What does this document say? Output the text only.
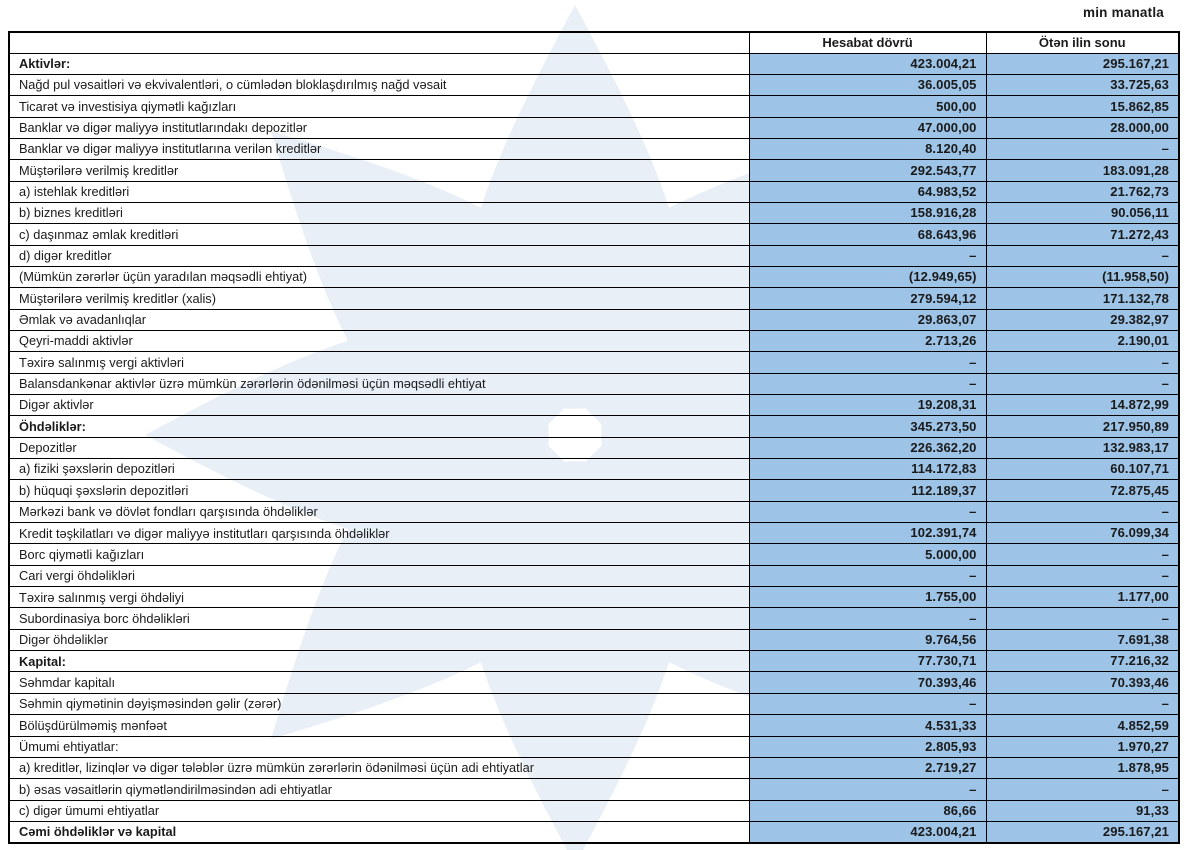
min manatla
	Hesabat dövrü	Ötən ilin sonu
Aktivlər:	423.004,21	295.167,21
Nağd pul vəsaitləri və ekvivalentləri, o cümlədən bloklaşdırılmış nağd vəsait	36.005,05	33.725,63
Ticarət və investisiya qiymətli kağızları	500,00	15.862,85
Banklar və digər maliyyə institutlarındakı depozitlər	47.000,00	28.000,00
Banklar və digər maliyyə institutlarına verilən kreditlər	8.120,40	–
Müştərilərə verilmiş kreditlər	292.543,77	183.091,28
a) istehlak kreditləri	64.983,52	21.762,73
b) biznes kreditləri	158.916,28	90.056,11
c) daşınmaz əmlak kreditləri	68.643,96	71.272,43
d) digər kreditlər	–	–
(Mümkün zərərlər üçün yaradılan məqsədli ehtiyat)	(12.949,65)	(11.958,50)
Müştərilərə verilmiş kreditlər (xalis)	279.594,12	171.132,78
Əmlak və avadanlıqlar	29.863,07	29.382,97
Qeyri-maddi aktivlər	2.713,26	2.190,01
Təxirə salınmış vergi aktivləri	–	–
Balansdankənar aktivlər üzrə mümkün zərərlərin ödənilməsi üçün məqsədli ehtiyat	–	–
Digər aktivlər	19.208,31	14.872,99
Öhdəliklər:	345.273,50	217.950,89
Depozitlər	226.362,20	132.983,17
a) fiziki şəxslərin depozitləri	114.172,83	60.107,71
b) hüquqi şəxslərin depozitləri	112.189,37	72.875,45
Mərkəzi bank və dövlət fondları qarşısında öhdəliklər	–	–
Kredit təşkilatları və digər maliyyə institutları qarşısında öhdəliklər	102.391,74	76.099,34
Borc qiymətli kağızları	5.000,00	–
Cari vergi öhdəlikləri	–	–
Təxirə salınmış vergi öhdəliyi	1.755,00	1.177,00
Subordinasiya borc öhdəlikləri	–	–
Digər öhdəliklər	9.764,56	7.691,38
Kapital:	77.730,71	77.216,32
Səhmdar kapitalı	70.393,46	70.393,46
Səhmin qiymətinin dəyişməsindən gəlir (zərər)	–	–
Bölüşdürülməmiş mənfəət	4.531,33	4.852,59
Ümumi ehtiyatlar:	2.805,93	1.970,27
a) kreditlər, lizinqlər və digər tələblər üzrə mümkün zərərlərin ödənilməsi üçün adi ehtiyatlar	2.719,27	1.878,95
b) əsas vəsaitlərin qiymətləndirilməsindən adi ehtiyatlar	–	–
c) digər ümumi ehtiyatlar	86,66	91,33
Cəmi öhdəliklər və kapital	423.004,21	295.167,21
